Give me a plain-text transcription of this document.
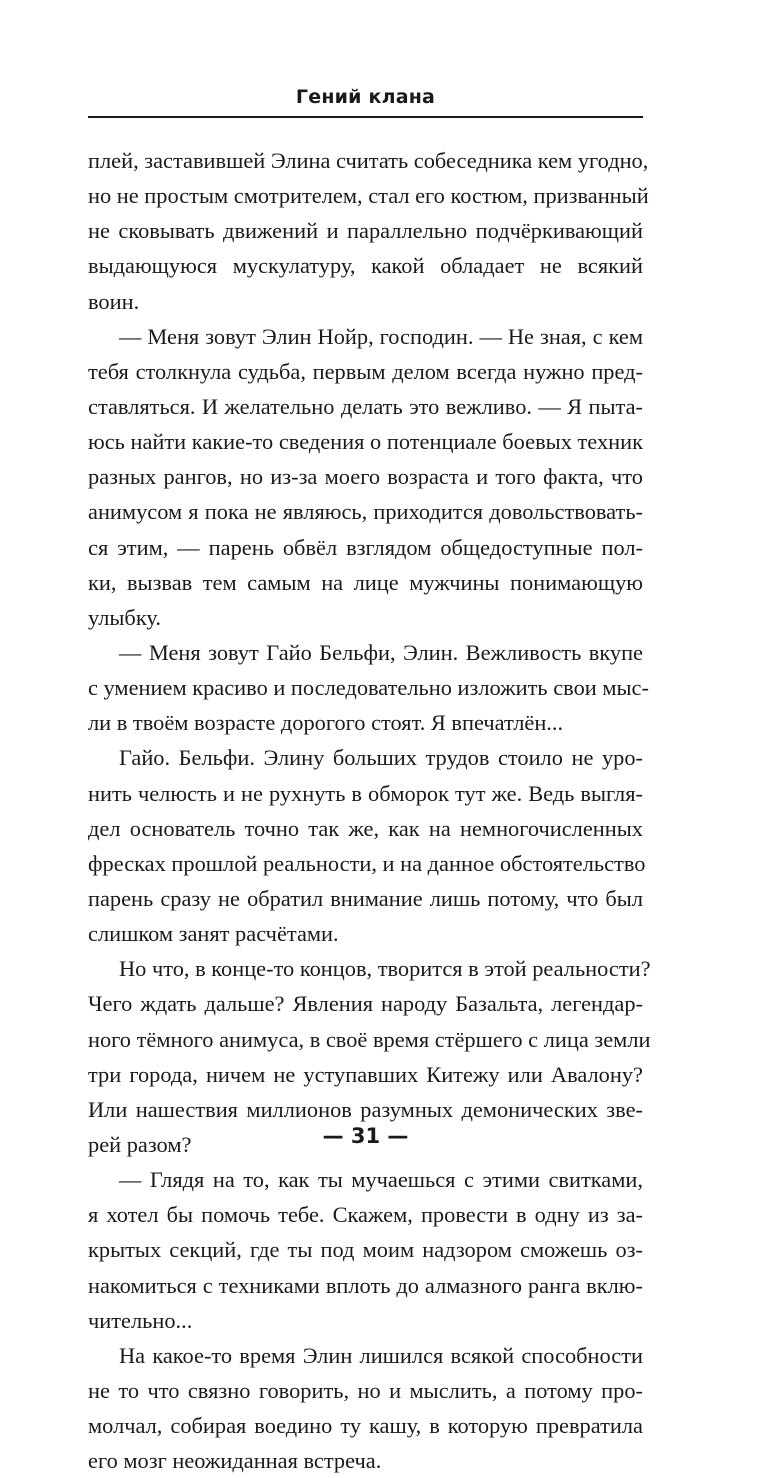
Гений клана
плей, заставившей Элина считать собеседника кем угодно,
но не простым смотрителем, стал его костюм, призванный
не сковывать движений и параллельно подчёркивающий
выдающуюся мускулатуру, какой обладает не всякий
воин.
— Меня зовут Элин Нойр, господин. — Не зная, с кем
тебя столкнула судьба, первым делом всегда нужно пред-
ставляться. И желательно делать это вежливо. — Я пыта-
юсь найти какие-то сведения о потенциале боевых техник
разных рангов, но из-за моего возраста и того факта, что
анимусом я пока не являюсь, приходится довольствовать-
ся этим, — парень обвёл взглядом общедоступные пол-
ки, вызвав тем самым на лице мужчины понимающую
улыбку.
— Меня зовут Гайо Бельфи, Элин. Вежливость вкупе
с умением красиво и последовательно изложить свои мыс-
ли в твоём возрасте дорогого стоят. Я впечатлён...
Гайо. Бельфи. Элину больших трудов стоило не уро-
нить челюсть и не рухнуть в обморок тут же. Ведь выгля-
дел основатель точно так же, как на немногочисленных
фресках прошлой реальности, и на данное обстоятельство
парень сразу не обратил внимание лишь потому, что был
слишком занят расчётами.
Но что, в конце-то концов, творится в этой реальности?
Чего ждать дальше? Явления народу Базальта, легендар-
ного тёмного анимуса, в своё время стёршего с лица земли
три города, ничем не уступавших Китежу или Авалону?
Или нашествия миллионов разумных демонических зве-
рей разом?
— Глядя на то, как ты мучаешься с этими свитками,
я хотел бы помочь тебе. Скажем, провести в одну из за-
крытых секций, где ты под моим надзором сможешь оз-
накомиться с техниками вплоть до алмазного ранга вклю-
чительно...
На какое-то время Элин лишился всякой способности
не то что связно говорить, но и мыслить, а потому про-
молчал, собирая воедино ту кашу, в которую превратила
его мозг неожиданная встреча.
— 31 —
